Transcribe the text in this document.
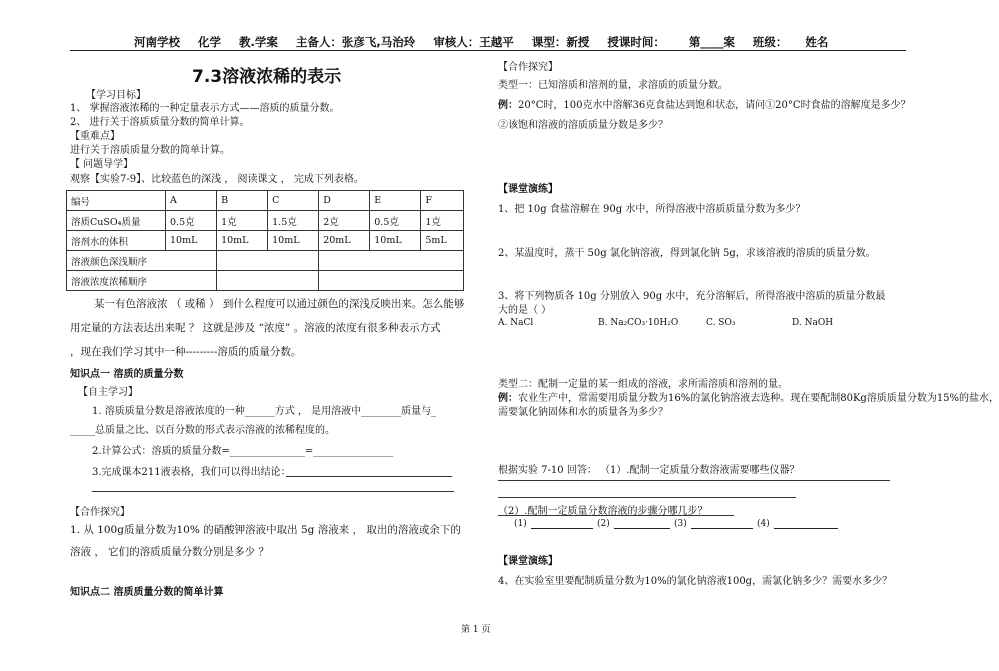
河南学校 化学 教.学案 主备人：张彦飞,马治玲 审核人：王越平 课型：新授 授课时间： 第____案 班级： 姓名
7.3溶液浓稀的表示
【学习目标】
1、 掌握溶液浓稀的一种定量表示方式——溶质的质量分数。
2、 进行关于溶质质量分数的简单计算。
【重难点】
进行关于溶质质量分数的简单计算。
【 问题导学】
观察【实验7-9】、比较蓝色的深浅 ， 阅读课文 ， 完成下列表格。
编号	A	B	C	D	E	F
溶质CuSO₄质量	0.5克	1克	1.5克	2克	0.5克	1克
溶剂水的体积	10mL	10mL	10mL	20mL	10mL	5mL
溶液颜色深浅顺序						
溶液浓度浓稀顺序						
某一有色溶液浓 （ 或稀 ） 到什么程度可以通过颜色的深浅反映出来。怎么能够
用定量的方法表达出来呢 ？ 这就是涉及 “浓度” 。溶液的浓度有很多种表示方式
，现在我们学习其中一种---------溶质的质量分数。
知识点一 溶质的质量分数
【自主学习】
1. 溶质质量分数是溶液浓度的一种______方式 ， 是用溶液中________质量与_
_____总质量之比、以百分数的形式表示溶液的浓稀程度的。
2.计算公式：溶质的质量分数=_______________=________________
3.完成课本211液表格，我们可以得出结论：
【合作探究】
1. 从 100g质量分数为10% 的硝酸钾溶液中取出 5g 溶液来 ， 取出的溶液或余下的
溶液 ， 它们的溶质质量分数分别是多少 ？
知识点二 溶质质量分数的简单计算
【合作探究】
类型一：已知溶质和溶剂的量，求溶质的质量分数。
例：20°C时，100克水中溶解36克食盐达到饱和状态，请问①20°C时食盐的溶解度是多少？
②该饱和溶液的溶质质量分数是多少？
【课堂演练】
1、把 10g 食盐溶解在 90g 水中，所得溶液中溶质质量分数为多少？
2、某温度时，蒸干 50g 氯化钠溶液，得到氯化钠 5g，求该溶液的溶质的质量分数。
3、将下列物质各 10g 分别放入 90g 水中，充分溶解后，所得溶液中溶质的质量分数最
大的是（ ）
A. NaCl	B. Na₂CO₃·10H₂O	C. SO₃	D. NaOH
类型二：配制一定量的某一组成的溶液，求所需溶质和溶剂的量。
例：农业生产中，常需要用质量分数为16%的氯化钠溶液去选种。现在要配制80Kg溶质质量分数为15%的盐水，
需要氯化钠固体和水的质量各为多少？
根据实验 7-10 回答： （1）.配制一定质量分数溶液需要哪些仪器？
（2）.配制一定质量分数溶液的步骤分哪几步？
(1)	(2)	(3)	(4)
【课堂演练】
4、在实验室里要配制质量分数为10%的氯化钠溶液100g，需氯化钠多少？需要水多少？
第 1 页
